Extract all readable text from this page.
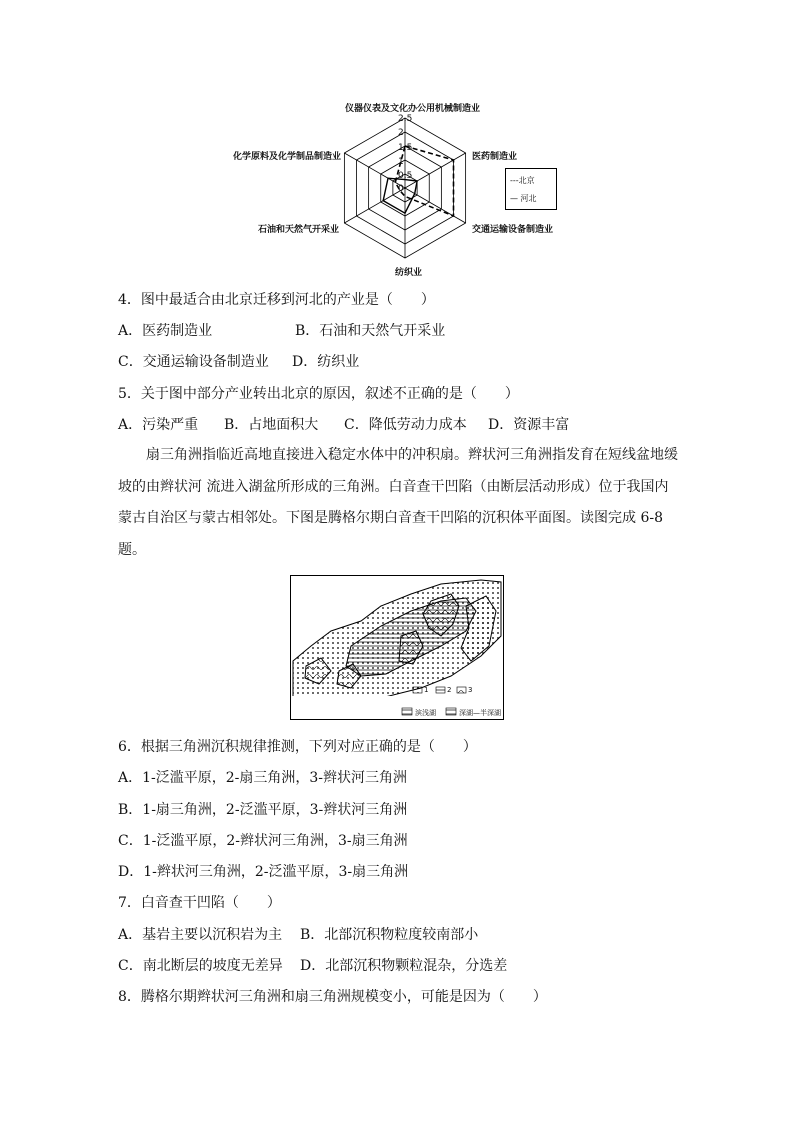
仪器仪表及文化办公用机械制造业
医药制造业
交通运输设备制造业
纺织业
石油和天然气开采业
化学原料及化学制品制造业
2.5
2
1.5
1
0.5
0
---北京
— 河北
4．图中最适合由北京迁移到河北的产业是（　　）
A．医药制造业	B．石油和天然气开采业
C．交通运输设备制造业 D．纺织业
5．关于图中部分产业转出北京的原因，叙述不正确的是（　　）
A．污染严重 B．占地面积大 C．降低劳动力成本 D．资源丰富
扇三角洲指临近高地直接进入稳定水体中的冲积扇。辫状河三角洲指发育在短线盆地缓坡的由辫状河 流进入湖盆所形成的三角洲。白音查干凹陷（由断层活动形成）位于我国内蒙古自治区与蒙古相邻处。下图是腾格尔期白音查干凹陷的沉积体平面图。读图完成 6-8 题。
1	2 3
滨浅湖	深湖—半深湖
6．根据三角洲沉积规律推测，下列对应正确的是（　　）
A．1-泛滥平原，2-扇三角洲，3-辫状河三角洲
B．1-扇三角洲，2-泛滥平原，3-辫状河三角洲
C．1-泛滥平原，2-辫状河三角洲，3-扇三角洲
D．1-辫状河三角洲，2-泛滥平原，3-扇三角洲
7．白音查干凹陷（　　）
A．基岩主要以沉积岩为主 B．北部沉积物粒度较南部小
C．南北断层的坡度无差异 D．北部沉积物颗粒混杂，分选差
8．腾格尔期辫状河三角洲和扇三角洲规模变小，可能是因为（　　）
